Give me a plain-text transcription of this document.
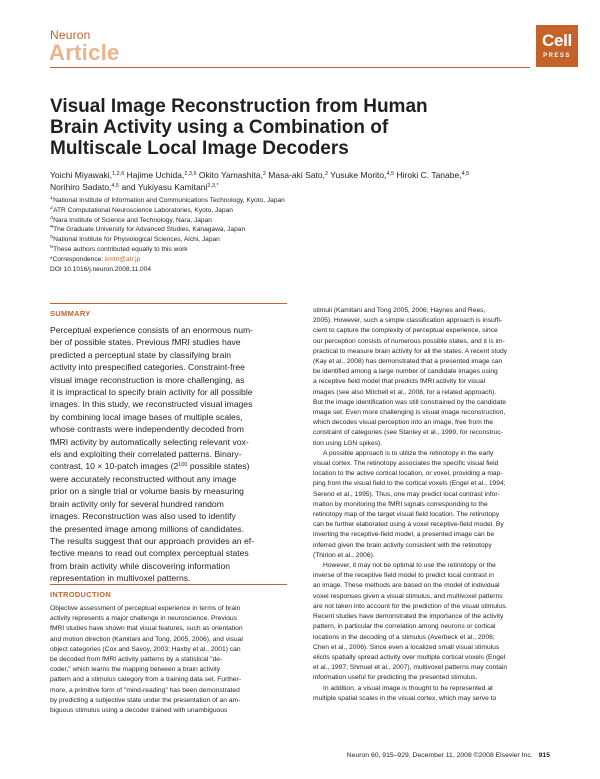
Neuron
Article	Cell
PRESS
Visual Image Reconstruction from Human
Brain Activity using a Combination of
Multiscale Local Image Decoders
Yoichi Miyawaki,$^{1,2,6}$ Hajime Uchida,$^{2,3,6}$ Okito Yamashita,$^2$ Masa-aki Sato,$^2$ Yusuke Morito,$^{4,5}$ Hiroki C. Tanabe,$^{4,5}$
Norihiro Sadato,$^{4,5}$ and Yukiyasu Kamitani$^{2,3,*}$
$^1$National Institute of Information and Communications Technology, Kyoto, Japan
$^2$ATR Computational Neuroscience Laboratories, Kyoto, Japan
$^3$Nara Institute of Science and Technology, Nara, Japan
$^4$The Graduate University for Advanced Studies, Kanagawa, Japan
$^5$National Institute for Physiological Sciences, Aichi, Japan
$^6$These authors contributed equally to this work
*Correspondence: kmtn@atr.jp
DOI 10.1016/j.neuron.2008.11.004
SUMMARY
Perceptual experience consists of an enormous num-
ber of possible states. Previous fMRI studies have
predicted a perceptual state by classifying brain
activity into prespecified categories. Constraint-free
visual image reconstruction is more challenging, as
it is impractical to specify brain activity for all possible
images. In this study, we reconstructed visual images
by combining local image bases of multiple scales,
whose contrasts were independently decoded from
fMRI activity by automatically selecting relevant vox-
els and exploiting their correlated patterns. Binary-
contrast, 10 × 10-patch images ($2^{100}$ possible states)
were accurately reconstructed without any image
prior on a single trial or volume basis by measuring
brain activity only for several hundred random
images. Reconstruction was also used to identify
the presented image among millions of candidates.
The results suggest that our approach provides an ef-
fective means to read out complex perceptual states
from brain activity while discovering information
representation in multivoxel patterns.
INTRODUCTION
Objective assessment of perceptual experience in terms of brain
activity represents a major challenge in neuroscience. Previous
fMRI studies have shown that visual features, such as orientation
and motion direction (Kamitani and Tong, 2005, 2006), and visual
object categories (Cox and Savoy, 2003; Haxby et al., 2001) can
be decoded from fMRI activity patterns by a statistical "de-
coder," which learns the mapping between a brain activity
pattern and a stimulus category from a training data set. Further-
more, a primitive form of "mind-reading" has been demonstrated
by predicting a subjective state under the presentation of an am-
biguous stimulus using a decoder trained with unambiguous

stimuli (Kamitani and Tong 2005, 2006; Haynes and Rees,
2005). However, such a simple classification approach is insuffi-
cient to capture the complexity of perceptual experience, since
our perception consists of numerous possible states, and it is im-
practical to measure brain activity for all the states. A recent study
(Kay et al., 2008) has demonstrated that a presented image can
be identified among a large number of candidate images using
a receptive field model that predicts fMRI activity for visual
images (see also Mitchell et al., 2008, for a related approach).
But the image identification was still constrained by the candidate
image set. Even more challenging is visual image reconstruction,
which decodes visual perception into an image, free from the
constraint of categories (see Stanley et al., 1999, for reconstruc-
tion using LGN spikes).

A possible approach is to utilize the retinotopy in the early
visual cortex. The retinotopy associates the specific visual field
location to the active cortical location, or voxel, providing a map-
ping from the visual field to the cortical voxels (Engel et al., 1994;
Sereno et al., 1995). Thus, one may predict local contrast infor-
mation by monitoring the fMRI signals corresponding to the
retinotopy map of the target visual field location. The retinotopy
can be further elaborated using a voxel receptive-field model. By
inverting the receptive-field model, a presented image can be
inferred given the brain activity consistent with the retinotopy
(Thirion et al., 2006).

However, it may not be optimal to use the retinotopy or the
inverse of the receptive field model to predict local contrast in
an image. These methods are based on the model of individual
voxel responses given a visual stimulus, and multivoxel patterns
are not taken into account for the prediction of the visual stimulus.
Recent studies have demonstrated the importance of the activity
pattern, in particular the correlation among neurons or cortical
locations in the decoding of a stimulus (Averbeck et al., 2006;
Chen et al., 2006). Since even a localized small visual stimulus
elicits spatially spread activity over multiple cortical voxels (Engel
et al., 1997; Shmuel et al., 2007), multivoxel patterns may contain
information useful for predicting the presented stimulus.

In addition, a visual image is thought to be represented at
multiple spatial scales in the visual cortex, which may serve to

Neuron 60, 915–929, December 11, 2008 ©2008 Elsevier Inc. 915
